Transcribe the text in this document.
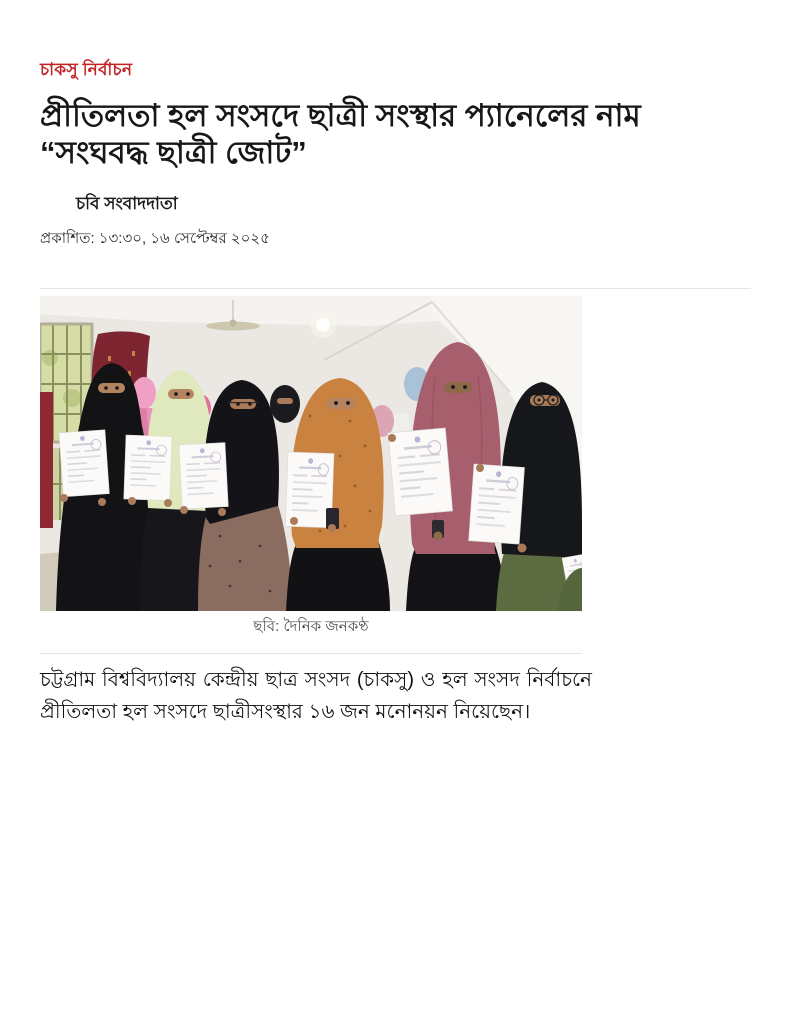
চাকসু নির্বাচন
প্রীতিলতা হল সংসদে ছাত্রী সংস্থার প্যানেলের নাম “সংঘবদ্ধ ছাত্রী জোট”
চবি সংবাদদাতা
প্রকাশিত: ১৩:৩০, ১৬ সেপ্টেম্বর ২০২৫
ছবি: দৈনিক জনকণ্ঠ

চট্টগ্রাম বিশ্ববিদ্যালয় কেন্দ্রীয় ছাত্র সংসদ (চাকসু) ও হল সংসদ নির্বাচনে প্রীতিলতা হল সংসদে ছাত্রীসংস্থার ১৬ জন মনোনয়ন নিয়েছেন।
